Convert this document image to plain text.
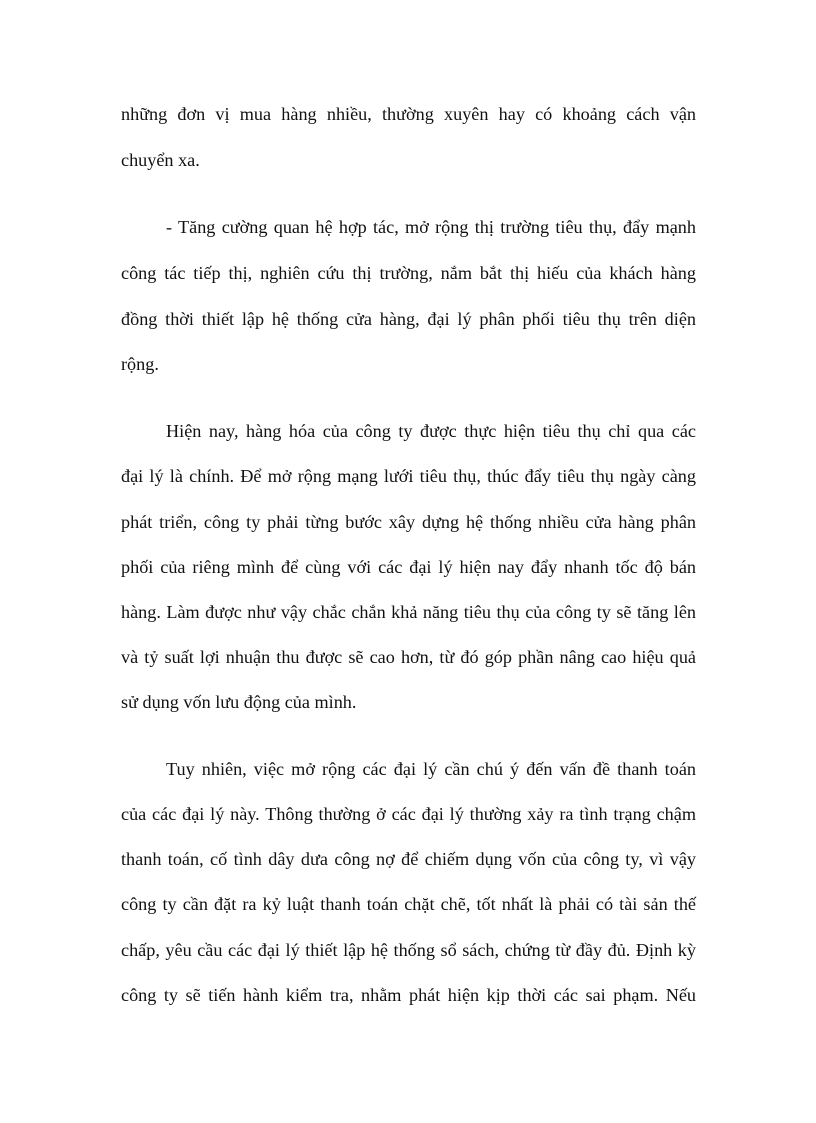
những đơn vị mua hàng nhiều, thường xuyên hay có khoảng cách vận
chuyển xa.
- Tăng cường quan hệ hợp tác, mở rộng thị trường tiêu thụ, đẩy mạnh
công tác tiếp thị, nghiên cứu thị trường, nắm bắt thị hiếu của khách hàng
đồng thời thiết lập hệ thống cửa hàng, đại lý phân phối tiêu thụ trên diện
rộng.
Hiện nay, hàng hóa của công ty được thực hiện tiêu thụ chỉ qua các
đại lý là chính. Để mở rộng mạng lưới tiêu thụ, thúc đẩy tiêu thụ ngày càng
phát triển, công ty phải từng bước xây dựng hệ thống nhiều cửa hàng phân
phối của riêng mình để cùng với các đại lý hiện nay đẩy nhanh tốc độ bán
hàng. Làm được như vậy chắc chắn khả năng tiêu thụ của công ty sẽ tăng lên
và tỷ suất lợi nhuận thu được sẽ cao hơn, từ đó góp phần nâng cao hiệu quả
sử dụng vốn lưu động của mình.
Tuy nhiên, việc mở rộng các đại lý cần chú ý đến vấn đề thanh toán
của các đại lý này. Thông thường ở các đại lý thường xảy ra tình trạng chậm
thanh toán, cố tình dây dưa công nợ để chiếm dụng vốn của công ty, vì vậy
công ty cần đặt ra kỷ luật thanh toán chặt chẽ, tốt nhất là phải có tài sản thế
chấp, yêu cầu các đại lý thiết lập hệ thống sổ sách, chứng từ đầy đủ. Định kỳ
công ty sẽ tiến hành kiểm tra, nhằm phát hiện kịp thời các sai phạm. Nếu
